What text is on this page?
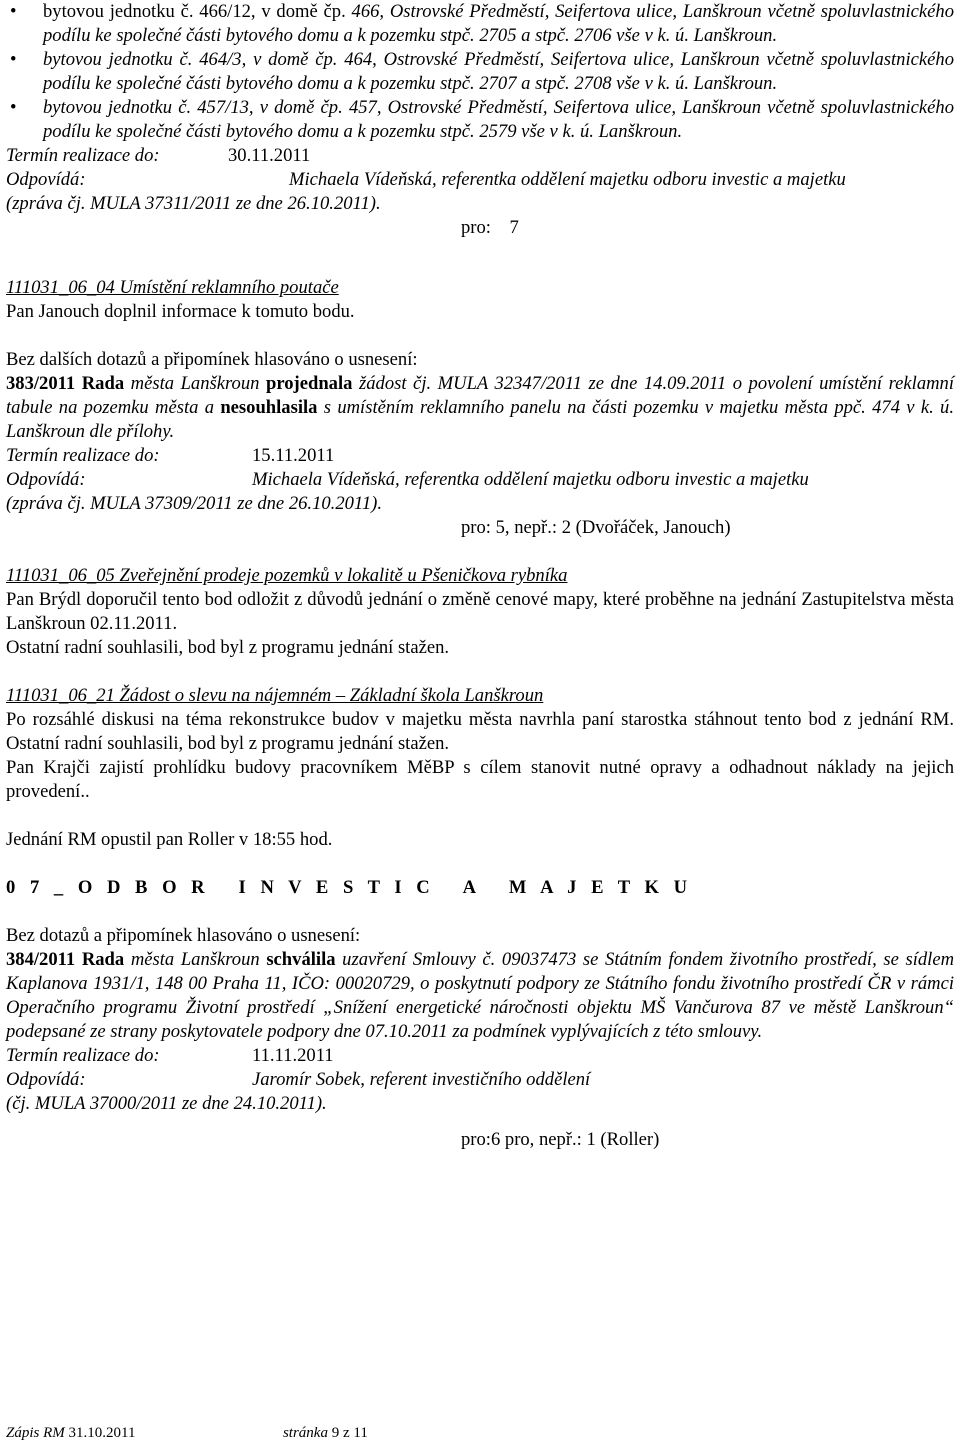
• bytovou jednotku č. 466/12, v domě čp. 466, Ostrovské Předměstí, Seifertova ulice, Lanškroun včetně spoluvlastnického podílu ke společné části bytového domu a k pozemku stpč. 2705 a stpč. 2706 vše v k. ú. Lanškroun.

• bytovou jednotku č. 464/3, v domě čp. 464, Ostrovské Předměstí, Seifertova ulice, Lanškroun včetně spoluvlastnického podílu ke společné části bytového domu a k pozemku stpč. 2707 a stpč. 2708 vše v k. ú. Lanškroun.

• bytovou jednotku č. 457/13, v domě čp. 457, Ostrovské Předměstí, Seifertova ulice, Lanškroun včetně spoluvlastnického podílu ke společné části bytového domu a k pozemku stpč. 2579 vše v k. ú. Lanškroun.

Termín realizace do:	30.11.2011

Odpovídá:	Michaela Vídeňská, referentka oddělení majetku odboru investic a majetku

(zpráva čj. MULA 37311/2011 ze dne 26.10.2011).

pro:    7

111031_06_04 Umístění reklamního poutače

Pan Janouch doplnil informace k tomuto bodu.

Bez dalších dotazů a připomínek hlasováno o usnesení:

383/2011 Rada města Lanškroun projednala žádost čj. MULA 32347/2011 ze dne 14.09.2011 o povolení umístění reklamní tabule na pozemku města a nesouhlasila s umístěním reklamního panelu na části pozemku v majetku města ppč. 474 v k. ú. Lanškroun dle přílohy.

Termín realizace do:	15.11.2011

Odpovídá:	Michaela Vídeňská, referentka oddělení majetku odboru investic a majetku

(zpráva čj. MULA 37309/2011 ze dne 26.10.2011).

pro: 5, nepř.: 2 (Dvořáček, Janouch)

111031_06_05 Zveřejnění prodeje pozemků v lokalitě u Pšeničkova rybníka

Pan Brýdl doporučil tento bod odložit z důvodů jednání o změně cenové mapy, které proběhne na jednání Zastupitelstva města Lanškroun 02.11.2011.

Ostatní radní souhlasili, bod byl z programu jednání stažen.

111031_06_21 Žádost o slevu na nájemném – Základní škola Lanškroun

Po rozsáhlé diskusi na téma rekonstrukce budov v majetku města navrhla paní starostka stáhnout tento bod z jednání RM. Ostatní radní souhlasili, bod byl z programu jednání stažen.

Pan Krajči zajistí prohlídku budovy pracovníkem MěBP s cílem stanovit nutné opravy a odhadnout náklady na jejich provedení..

Jednání RM opustil pan Roller v 18:55 hod.

0 7 _ O D B O R   I N V E S T I C   A   M A J E T K U

Bez dotazů a připomínek hlasováno o usnesení:

384/2011 Rada města Lanškroun schválila uzavření Smlouvy č. 09037473 se Státním fondem životního prostředí, se sídlem Kaplanova 1931/1, 148 00 Praha 11, IČO: 00020729, o poskytnutí podpory ze Státního fondu životního prostředí ČR v rámci Operačního programu Životní prostředí „Snížení energetické náročnosti objektu MŠ Vančurova 87 ve městě Lanškroun“ podepsané ze strany poskytovatele podpory dne 07.10.2011 za podmínek vyplývajících z této smlouvy.

Termín realizace do:	11.11.2011

Odpovídá:	Jaromír Sobek, referent investičního oddělení

(čj. MULA 37000/2011 ze dne 24.10.2011).

pro:6 pro, nepř.: 1 (Roller)

Zápis RM 31.10.2011	stránka 9 z 11
